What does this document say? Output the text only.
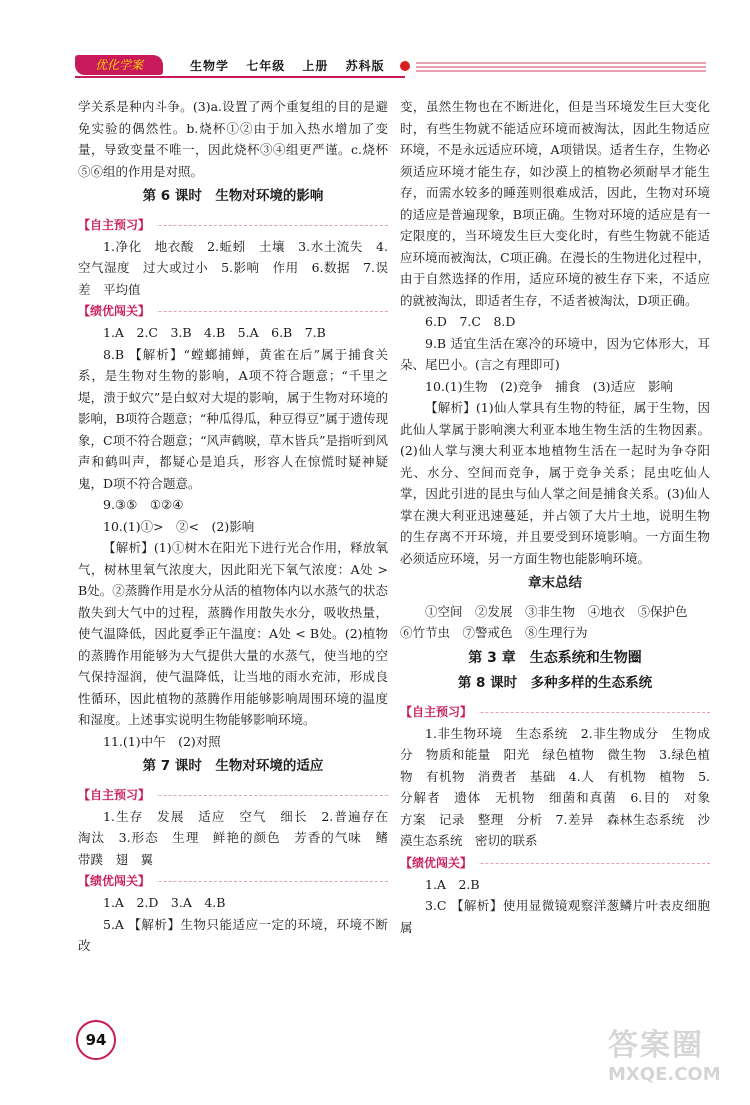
优化学案	生物学 七年级 上册 苏科版

学关系是种内斗争。(3)a.设置了两个重复组的目的是避免实验的偶然性。b.烧杯①②由于加入热水增加了变量，导致变量不唯一，因此烧杯③④组更严谨。c.烧杯⑤⑥组的作用是对照。

第 6 课时　生物对环境的影响
【自主预习】

1.净化　地衣酸　2.蚯蚓　土壤　3.水土流失　4.空气湿度　过大或过小　5.影响　作用　6.数据　7.误差　平均值

【绩优闯关】

1.A　2.C　3.B　4.B　5.A　6.B　7.B

8.B 【解析】“螳螂捕蝉，黄雀在后”属于捕食关系，是生物对生物的影响，A项不符合题意；“千里之堤，溃于蚁穴”是白蚁对大堤的影响，属于生物对环境的影响，B项符合题意；“种瓜得瓜，种豆得豆”属于遗传现象，C项不符合题意；“风声鹤唳，草木皆兵”是指听到风声和鹤叫声，都疑心是追兵，形容人在惊慌时疑神疑鬼，D项不符合题意。

9.③⑤　①②④

10.(1)①>　②<　(2)影响

【解析】(1)①树木在阳光下进行光合作用，释放氧气，树林里氧气浓度大，因此阳光下氧气浓度：A处 > B处。②蒸腾作用是水分从活的植物体内以水蒸气的状态散失到大气中的过程，蒸腾作用散失水分，吸收热量，使气温降低，因此夏季正午温度：A处 < B处。(2)植物的蒸腾作用能够为大气提供大量的水蒸气，使当地的空气保持湿润，使气温降低，让当地的雨水充沛，形成良性循环，因此植物的蒸腾作用能够影响周围环境的温度和湿度。上述事实说明生物能够影响环境。

11.(1)中午　(2)对照

第 7 课时　生物对环境的适应
【自主预习】

1.生存　发展　适应　空气　细长　2.普遍存在　淘汰　3.形态　生理　鲜艳的颜色　芳香的气味　鳍　带蹼　翅　翼

【绩优闯关】

1.A　2.D　3.A　4.B

5.A 【解析】生物只能适应一定的环境，环境不断改

变，虽然生物也在不断进化，但是当环境发生巨大变化时，有些生物就不能适应环境而被淘汰，因此生物适应环境，不是永远适应环境，A项错误。适者生存，生物必须适应环境才能生存，如沙漠上的植物必须耐旱才能生存，而需水较多的睡莲则很难成活，因此，生物对环境的适应是普遍现象，B项正确。生物对环境的适应是有一定限度的，当环境发生巨大变化时，有些生物就不能适应环境而被淘汰，C项正确。在漫长的生物进化过程中，由于自然选择的作用，适应环境的被生存下来，不适应的就被淘汰，即适者生存，不适者被淘汰，D项正确。

6.D　7.C　8.D

9.B 适宜生活在寒冷的环境中，因为它体形大，耳朵、尾巴小。(言之有理即可)

10.(1)生物　(2)竞争　捕食　(3)适应　影响

【解析】(1)仙人掌具有生物的特征，属于生物，因此仙人掌属于影响澳大利亚本地生物生活的生物因素。(2)仙人掌与澳大利亚本地植物生活在一起时为争夺阳光、水分、空间而竞争，属于竞争关系；昆虫吃仙人掌，因此引进的昆虫与仙人掌之间是捕食关系。(3)仙人掌在澳大利亚迅速蔓延，并占领了大片土地，说明生物的生存离不开环境，并且要受到环境影响。一方面生物必须适应环境，另一方面生物也能影响环境。

章末总结

①空间　②发展　③非生物　④地衣　⑤保护色

⑥竹节虫　⑦警戒色　⑧生理行为

第 3 章　生态系统和生物圈
第 8 课时　多种多样的生态系统
【自主预习】

1.非生物环境　生态系统　2.非生物成分　生物成分　物质和能量　阳光　绿色植物　微生物　3.绿色植物　有机物　消费者　基础　4.人　有机物　植物　5.分解者　遗体　无机物　细菌和真菌　6.目的　对象　方案　记录　整理　分析　7.差异　森林生态系统　沙漠生态系统　密切的联系

【绩优闯关】

1.A　2.B

3.C 【解析】使用显微镜观察洋葱鳞片叶表皮细胞属

94	答案圈
MXQE.COM
